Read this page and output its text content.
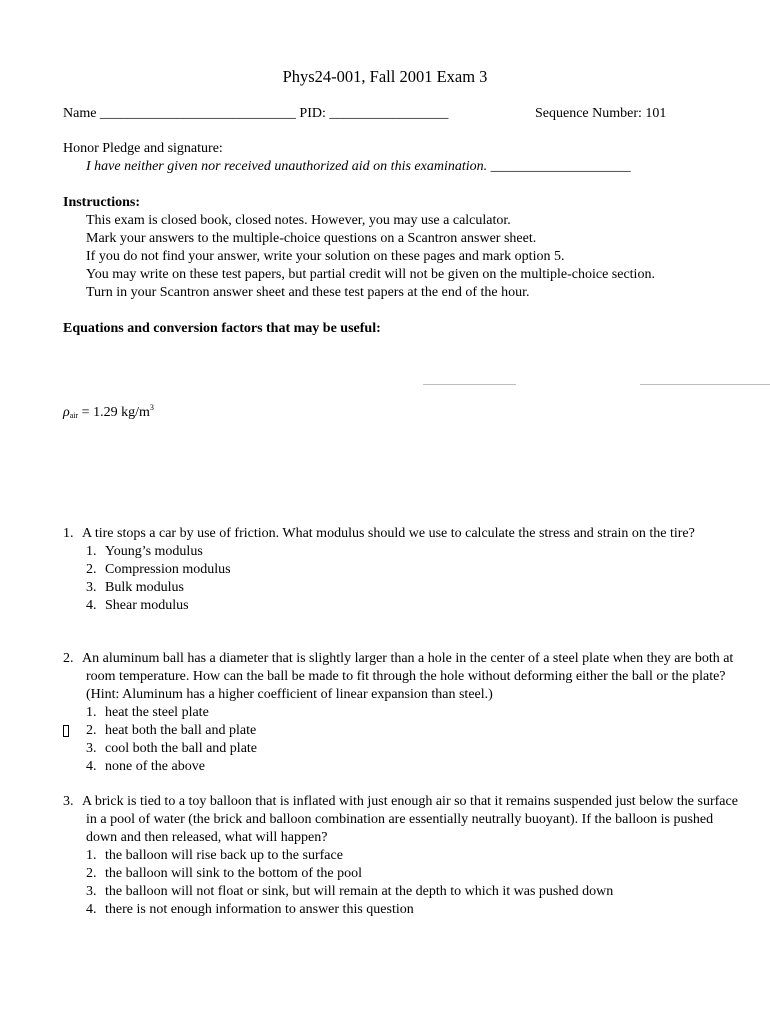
Phys24-001, Fall 2001 Exam 3
Name ____________________________ PID: _________________	Sequence Number: 101
Honor Pledge and signature:
I have neither given nor received unauthorized aid on this examination. ____________________
Instructions:
This exam is closed book, closed notes. However, you may use a calculator.
Mark your answers to the multiple-choice questions on a Scantron answer sheet.
If you do not find your answer, write your solution on these pages and mark option 5.
You may write on these test papers, but partial credit will not be given on the multiple-choice section.
Turn in your Scantron answer sheet and these test papers at the end of the hour.
Equations and conversion factors that may be useful:
$\rho_{air} = 1.29$ $kg/m^3$
1. A tire stops a car by use of friction. What modulus should we use to calculate the stress and strain on the tire?
1. Young’s modulus
2. Compression modulus
3. Bulk modulus
4. Shear modulus
2. An aluminum ball has a diameter that is slightly larger than a hole in the center of a steel plate when they are both at room temperature. How can the ball be made to fit through the hole without deforming either the ball or the plate? (Hint: Aluminum has a higher coefficient of linear expansion than steel.)
1. heat the steel plate
2. heat both the ball and plate
3. cool both the ball and plate
4. none of the above
3. A brick is tied to a toy balloon that is inflated with just enough air so that it remains suspended just below the surface in a pool of water (the brick and balloon combination are essentially neutrally buoyant). If the balloon is pushed down and then released, what will happen?
1. the balloon will rise back up to the surface
2. the balloon will sink to the bottom of the pool
3. the balloon will not float or sink, but will remain at the depth to which it was pushed down
4. there is not enough information to answer this question
